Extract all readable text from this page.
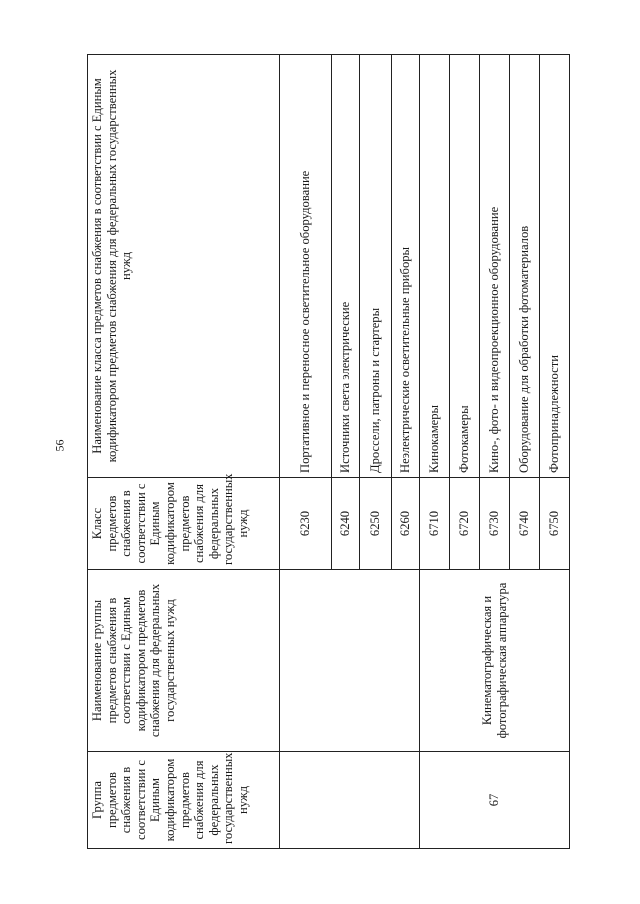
56
Группа предметов снабжения в соответствии с Единым кодификатором предметов снабжения для федеральных государственных нужд	Наименование группы предметов снабжения в соответствии с Единым кодификатором предметов снабжения для федеральных государственных нужд	Класс предметов снабжения в соответствии с Единым кодификатором предметов снабжения для федеральных государственных нужд	Наименование класса предметов снабжения в соответствии с Единым кодификатором предметов снабжения для федеральных государственных нужд
		6230	Портативное и переносное осветительное оборудование
		6240	Источники света электрические
		6250	Дроссели, патроны и стартеры
		6260	Неэлектрические осветительные приборы
67	Кинематографическая и фотографическая аппаратура	6710	Кинокамеры
		6720	Фотокамеры
		6730	Кино-, фото- и видеопроекционное оборудование
		6740	Оборудование для обработки фотоматериалов
		6750	Фотопринадлежности
